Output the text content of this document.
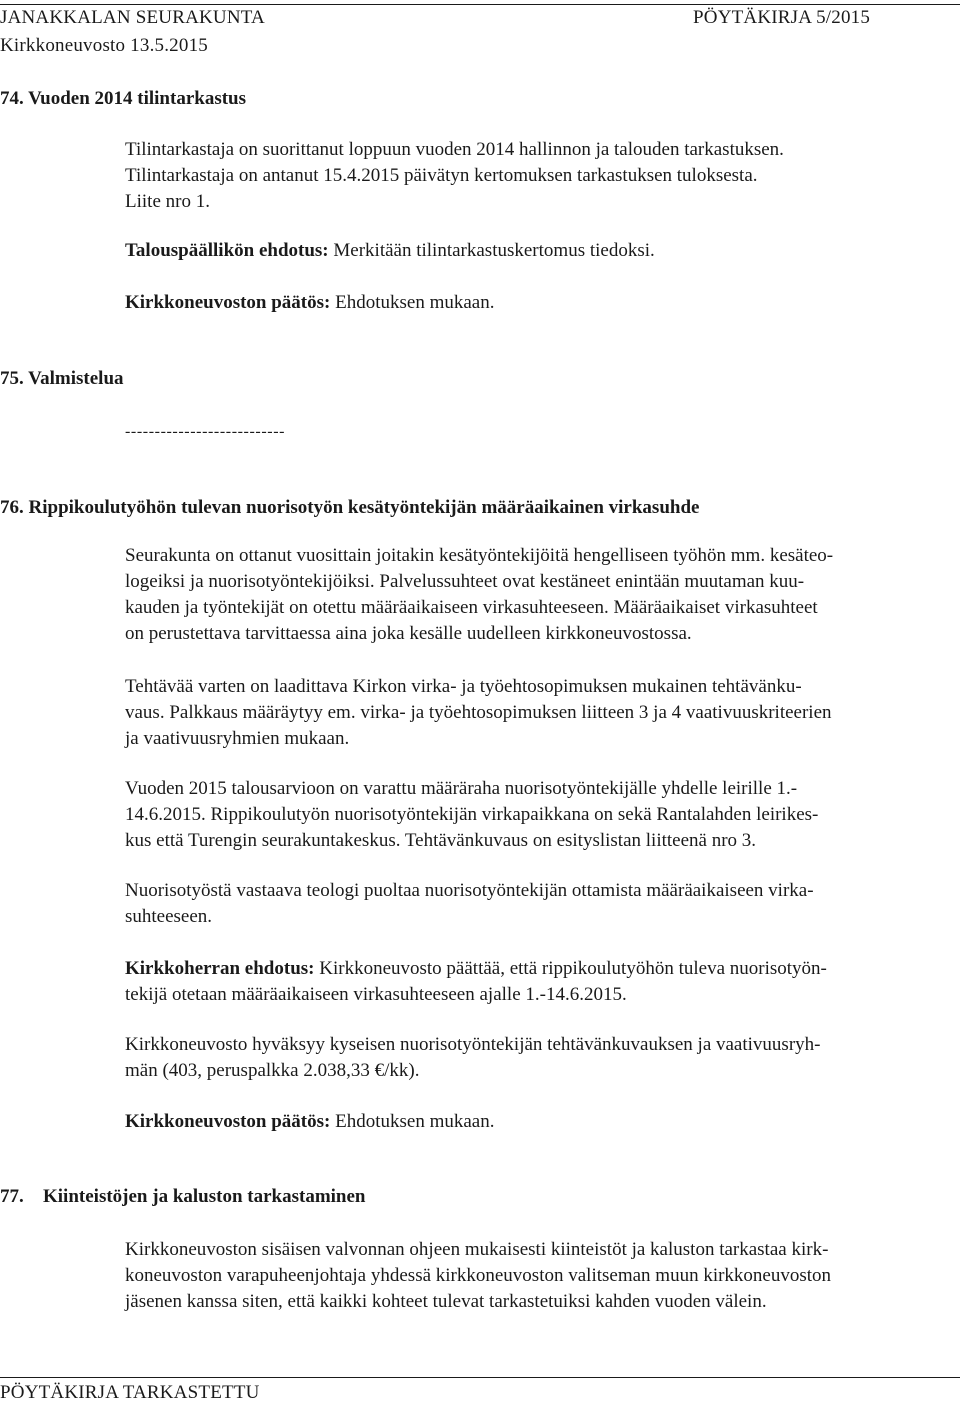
JANAKKALAN SEURAKUNTA	PÖYTÄKIRJA 5/2015
Kirkkoneuvosto 13.5.2015
74. Vuoden 2014 tilintarkastus
Tilintarkastaja on suorittanut loppuun vuoden 2014 hallinnon ja talouden tarkastuksen.
Tilintarkastaja on antanut 15.4.2015 päivätyn kertomuksen tarkastuksen tuloksesta.
Liite nro 1.
Talouspäällikön ehdotus: Merkitään tilintarkastuskertomus tiedoksi.
Kirkkoneuvoston päätös: Ehdotuksen mukaan.
75. Valmistelua
---------------------------
76. Rippikoulutyöhön tulevan nuorisotyön kesätyöntekijän määräaikainen virkasuhde
Seurakunta on ottanut vuosittain joitakin kesätyöntekijöitä hengelliseen työhön mm. kesäteo-
logeiksi ja nuorisotyöntekijöiksi. Palvelussuhteet ovat kestäneet enintään muutaman kuu-
kauden ja työntekijät on otettu määräaikaiseen virkasuhteeseen. Määräaikaiset virkasuhteet
on perustettava tarvittaessa aina joka kesälle uudelleen kirkkoneuvostossa.
Tehtävää varten on laadittava Kirkon virka- ja työehtosopimuksen mukainen tehtävänku-
vaus. Palkkaus määräytyy em. virka- ja työehtosopimuksen liitteen 3 ja 4 vaativuuskriteerien
ja vaativuusryhmien mukaan.
Vuoden 2015 talousarvioon on varattu määräraha nuorisotyöntekijälle yhdelle leirille 1.-
14.6.2015. Rippikoulutyön nuorisotyöntekijän virkapaikkana on sekä Rantalahden leirikes-
kus että Turengin seurakuntakeskus. Tehtävänkuvaus on esityslistan liitteenä nro 3.
Nuorisotyöstä vastaava teologi puoltaa nuorisotyöntekijän ottamista määräaikaiseen virka-
suhteeseen.
Kirkkoherran ehdotus: Kirkkoneuvosto päättää, että rippikoulutyöhön tuleva nuorisotyön-
tekijä otetaan määräaikaiseen virkasuhteeseen ajalle 1.-14.6.2015.
Kirkkoneuvosto hyväksyy kyseisen nuorisotyöntekijän tehtävänkuvauksen ja vaativuusryh-
män (403, peruspalkka 2.038,33 €/kk).
Kirkkoneuvoston päätös: Ehdotuksen mukaan.
77. Kiinteistöjen ja kaluston tarkastaminen
Kirkkoneuvoston sisäisen valvonnan ohjeen mukaisesti kiinteistöt ja kaluston tarkastaa kirk-
koneuvoston varapuheenjohtaja yhdessä kirkkoneuvoston valitseman muun kirkkoneuvoston
jäsenen kanssa siten, että kaikki kohteet tulevat tarkastetuiksi kahden vuoden välein.
PÖYTÄKIRJA TARKASTETTU
